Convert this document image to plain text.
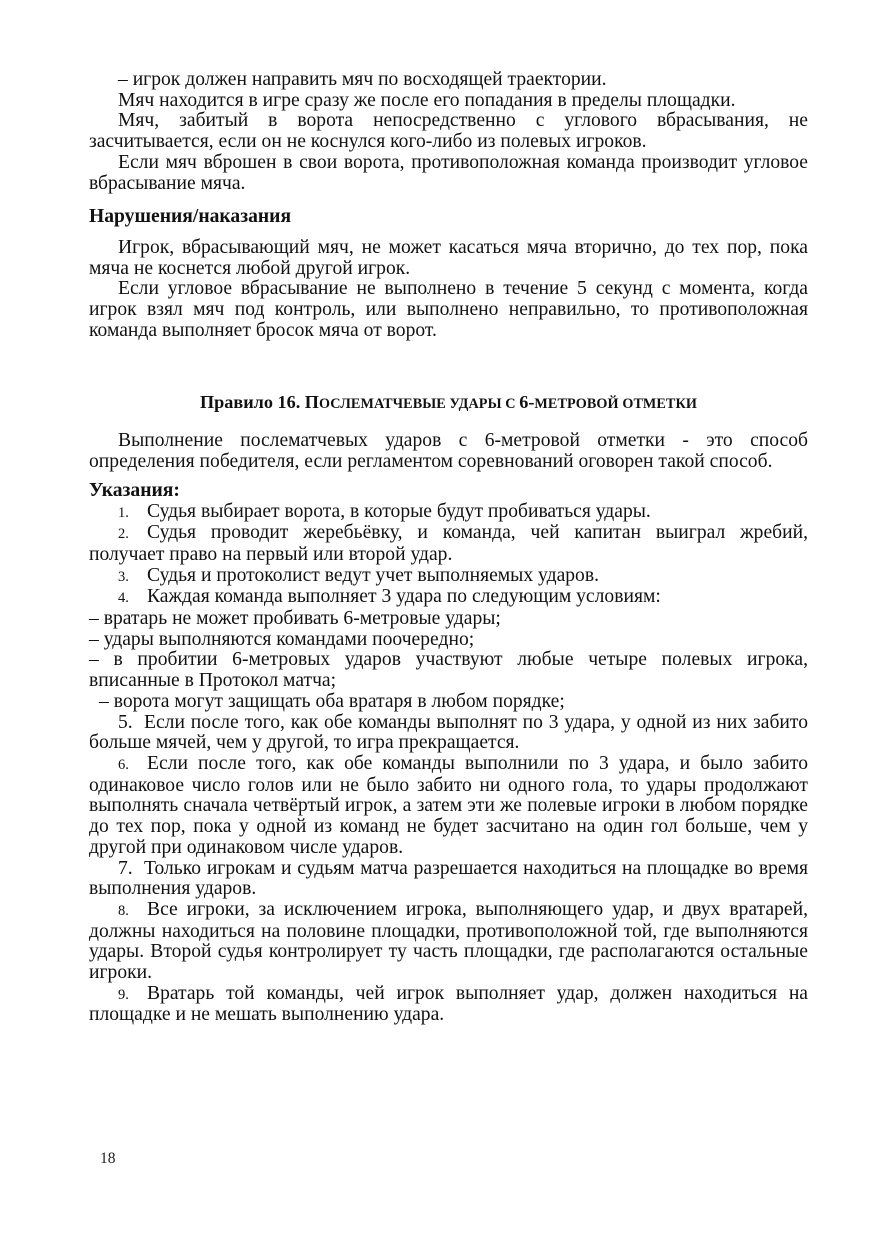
– игрок должен направить мяч по восходящей траектории.

Мяч находится в игре сразу же после его попадания в пределы площадки.

Мяч, забитый в ворота непосредственно с углового вбрасывания, не засчитывается, если он не коснулся кого-либо из полевых игроков.

Если мяч вброшен в свои ворота, противоположная команда производит угловое вбрасывание мяча.

Нарушения/наказания

Игрок, вбрасывающий мяч, не может касаться мяча вторично, до тех пор, пока мяча не коснется любой другой игрок.

Если угловое вбрасывание не выполнено в течение 5 секунд с момента, когда игрок взял мяч под контроль, или выполнено неправильно, то противоположная команда выполняет бросок мяча от ворот.

Правило 16. ПОСЛЕМАТЧЕВЫЕ УДАРЫ С 6-МЕТРОВОЙ ОТМЕТКИ

Выполнение послематчевых ударов с 6-метровой отметки - это способ определения победителя, если регламентом соревнований оговорен такой способ.

Указания:

1. Судья выбирает ворота, в которые будут пробиваться удары.

2. Судья проводит жеребьёвку, и команда, чей капитан выиграл жребий, получает право на первый или второй удар.

3. Судья и протоколист ведут учет выполняемых ударов.

4. Каждая команда выполняет 3 удара по следующим условиям:

– вратарь не может пробивать 6-метровые удары;

– удары выполняются командами поочередно;

– в пробитии 6-метровых ударов участвуют любые четыре полевых игрока, вписанные в Протокол матча;

– ворота могут защищать оба вратаря в любом порядке;

5. Если после того, как обе команды выполнят по 3 удара, у одной из них забито больше мячей, чем у другой, то игра прекращается.

6. Если после того, как обе команды выполнили по 3 удара, и было забито одинаковое число голов или не было забито ни одного гола, то удары продолжают выполнять сначала четвёртый игрок, а затем эти же полевые игроки в любом порядке до тех пор, пока у одной из команд не будет засчитано на один гол больше, чем у другой при одинаковом числе ударов.

7. Только игрокам и судьям матча разрешается находиться на площадке во время выполнения ударов.

8. Все игроки, за исключением игрока, выполняющего удар, и двух вратарей, должны находиться на половине площадки, противоположной той, где выполняются удары. Второй судья контролирует ту часть площадки, где располагаются остальные игроки.

9. Вратарь той команды, чей игрок выполняет удар, должен находиться на площадке и не мешать выполнению удара.

18
